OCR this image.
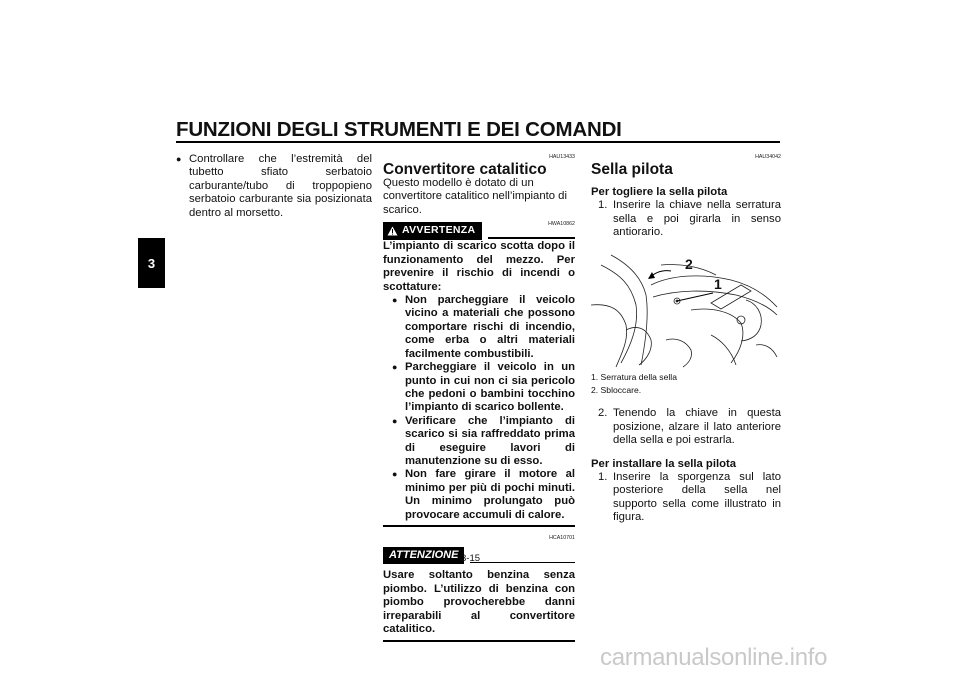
FUNZIONI DEGLI STRUMENTI E DEI COMANDI
3
● Controllare che l’estremità del tubetto sfiato serbatoio carburante/tubo di troppopieno serbatoio carburante sia posizionata dentro al morsetto.
HAU13433
Convertitore catalitico
Questo modello è dotato di un convertitore catalitico nell’impianto di scarico.
AVVERTENZA
HWA10862
L’impianto di scarico scotta dopo il funzionamento del mezzo. Per prevenire il rischio di incendi o scottature:
● Non parcheggiare il veicolo vicino a materiali che possono comportare rischi di incendio, come erba o altri materiali facilmente combustibili.
● Parcheggiare il veicolo in un punto in cui non ci sia pericolo che pedoni o bambini tocchino l’impianto di scarico bollente.
● Verificare che l’impianto di scarico si sia raffreddato prima di eseguire lavori di manutenzione su di esso.
● Non fare girare il motore al minimo per più di pochi minuti. Un minimo prolungato può provocare accumuli di calore.
HCA10701
ATTENZIONE
Usare soltanto benzina senza piombo. L’utilizzo di benzina con piombo provocherebbe danni irreparabili al convertitore catalitico.
HAU34042
Sella pilota
Per togliere la sella pilota
1. Inserire la chiave nella serratura sella e poi girarla in senso antiorario.
2
1
1. Serratura della sella
2. Sbloccare.
2. Tenendo la chiave in questa posizione, alzare il lato anteriore della sella e poi estrarla.
Per installare la sella pilota
1. Inserire la sporgenza sul lato posteriore della sella nel supporto sella come illustrato in figura.
3-15
carmanualsonline.info
